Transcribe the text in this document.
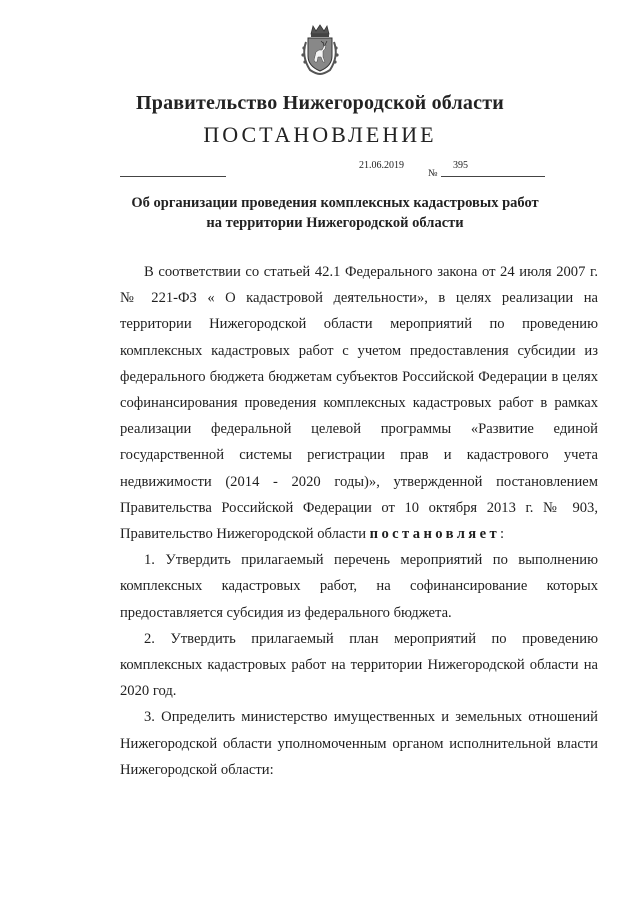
Правительство Нижегородской области
ПОСТАНОВЛЕНИЕ
21.06.2019
№
395
Об организации проведения комплексных кадастровых работ
на территории Нижегородской области

В соответствии со статьей 42.1 Федерального закона от 24 июля 2007 г. № 221-ФЗ « О кадастровой деятельности», в целях реализации на территории Нижегородской области мероприятий по проведению комплексных кадастровых работ с учетом предоставления субсидии из федерального бюджета бюджетам субъектов Российской Федерации в целях софинансирования проведения комплексных кадастровых работ в рамках реализации федеральной целевой программы «Развитие единой государственной системы регистрации прав и кадастрового учета недвижимости (2014 - 2020 годы)», утвержденной постановлением Правительства Российской Федерации от 10 октября 2013 г. № 903, Правительство Нижегородской области постановляет:

1. Утвердить прилагаемый перечень мероприятий по выполнению комплексных кадастровых работ, на софинансирование которых предоставляется субсидия из федерального бюджета.

2. Утвердить прилагаемый план мероприятий по проведению комплексных кадастровых работ на территории Нижегородской области на 2020 год.

3. Определить министерство имущественных и земельных отношений Нижегородской области уполномоченным органом исполнительной власти Нижегородской области:
